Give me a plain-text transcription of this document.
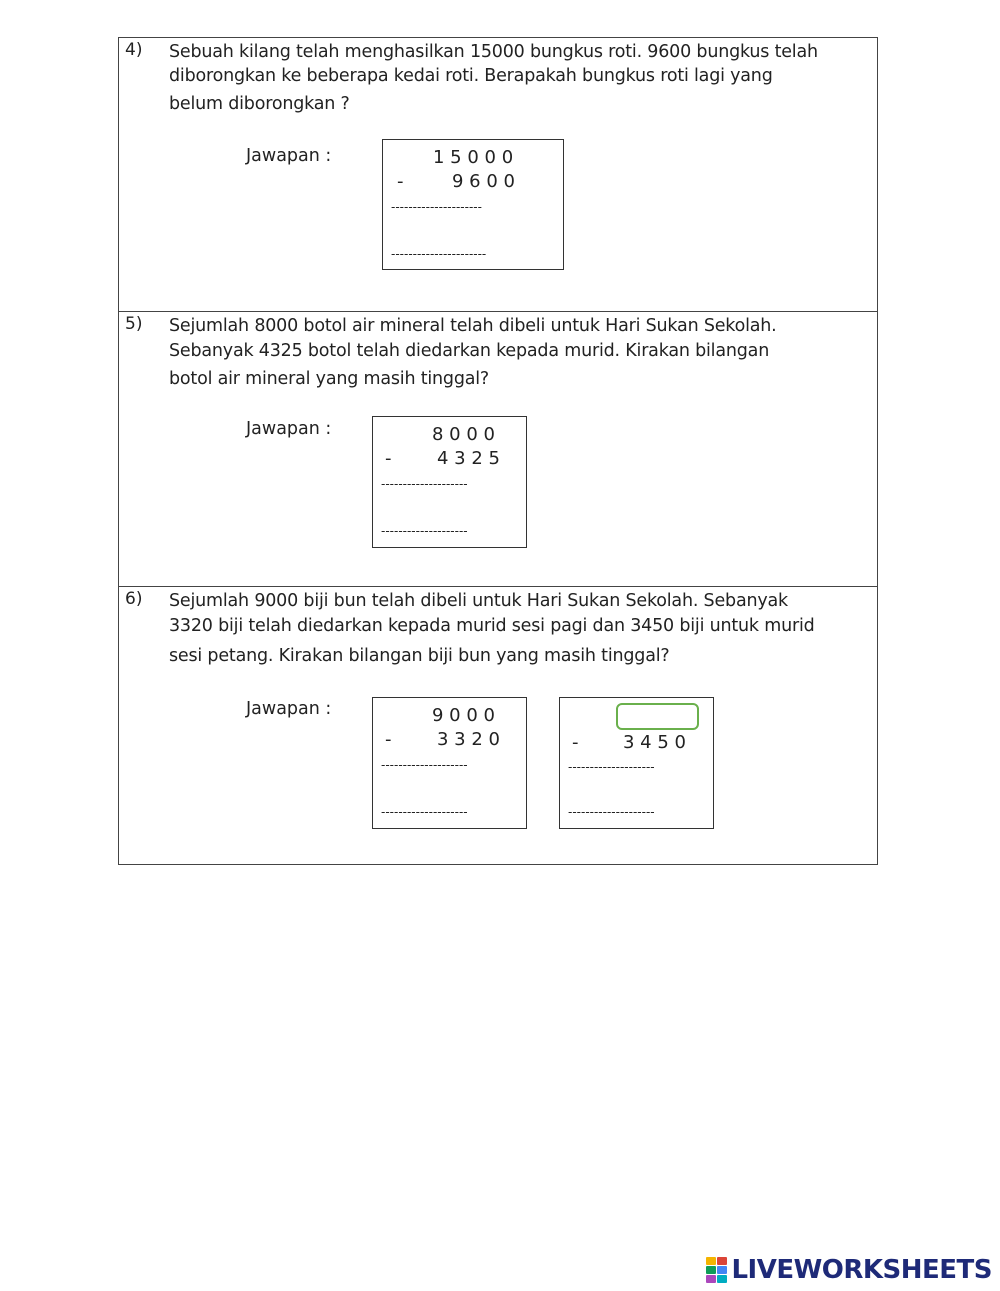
4) Sebuah kilang telah menghasilkan 15000 bungkus roti. 9600 bungkus telah
diborongkan ke beberapa kedai roti. Berapakah bungkus roti lagi yang
belum diborongkan ?
Jawapan :	1 5 0 0 0
-	9 6 0 0
---------------------
----------------------
5) Sejumlah 8000 botol air mineral telah dibeli untuk Hari Sukan Sekolah.
Sebanyak 4325 botol telah diedarkan kepada murid. Kirakan bilangan
botol air mineral yang masih tinggal?
Jawapan :	8 0 0 0
-	4 3 2 5
--------------------
--------------------
6) Sejumlah 9000 biji bun telah dibeli untuk Hari Sukan Sekolah. Sebanyak
3320 biji telah diedarkan kepada murid sesi pagi dan 3450 biji untuk murid
sesi petang. Kirakan bilangan biji bun yang masih tinggal?
Jawapan :	9 0 0 0
-	3 3 2 0
--------------------
--------------------
- 3 4 5 0
--------------------
--------------------
LIVEWORKSHEETS
